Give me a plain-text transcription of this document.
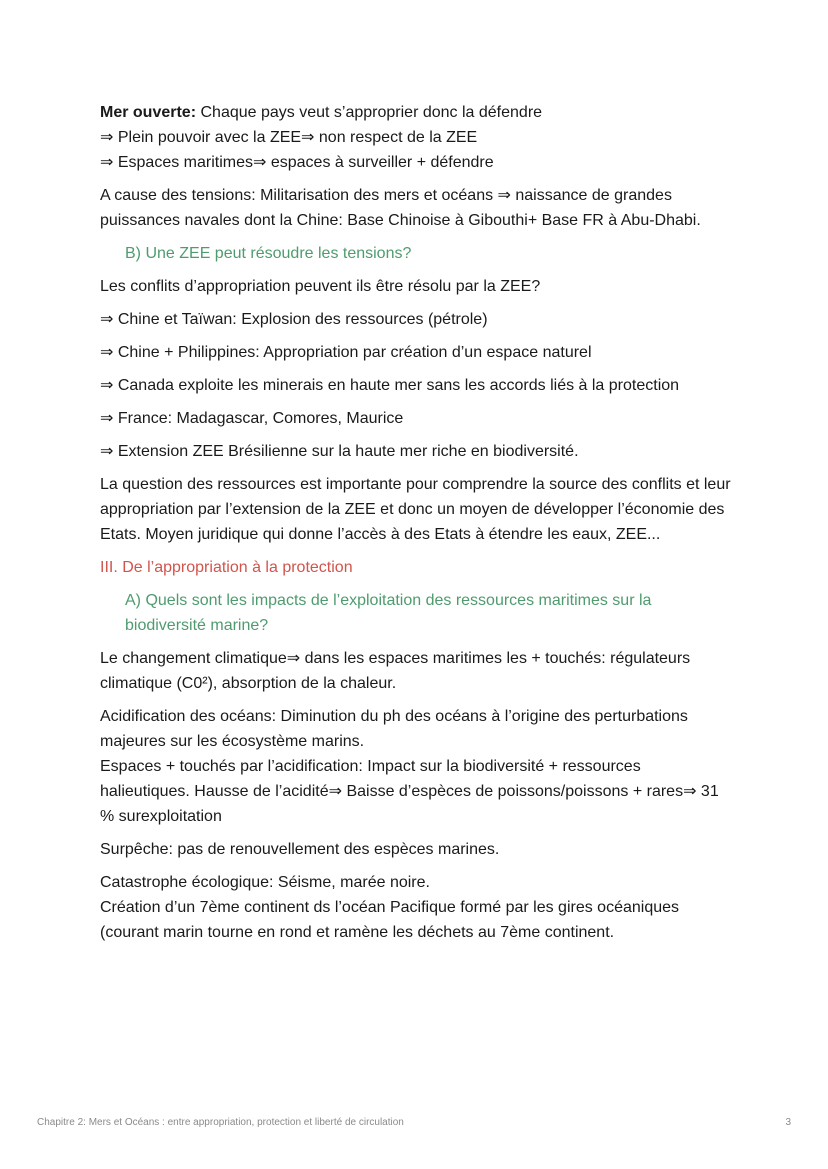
Mer ouverte: Chaque pays veut s’approprier donc la défendre
⇒ Plein pouvoir avec la ZEE⇒ non respect de la ZEE
⇒ Espaces maritimes⇒ espaces à surveiller + défendre

A cause des tensions: Militarisation des mers et océans ⇒ naissance de grandes puissances navales dont la Chine: Base Chinoise à Gibouthi+ Base FR à Abu-Dhabi.

B) Une ZEE peut résoudre les tensions?

Les conflits d’appropriation peuvent ils être résolu par la ZEE?

⇒ Chine et Taïwan: Explosion des ressources (pétrole)

⇒ Chine + Philippines: Appropriation par création d’un espace naturel

⇒ Canada exploite les minerais en haute mer sans les accords liés à la protection

⇒ France: Madagascar, Comores, Maurice

⇒ Extension ZEE Brésilienne sur la haute mer riche en biodiversité.

La question des ressources est importante pour comprendre la source des conflits et leur appropriation par l’extension de la ZEE et donc un moyen de développer l’économie des Etats. Moyen juridique qui donne l’accès à des Etats à étendre les eaux, ZEE...

III. De l’appropriation à la protection

A) Quels sont les impacts de l’exploitation des ressources maritimes sur la biodiversité marine?

Le changement climatique⇒ dans les espaces maritimes les + touchés: régulateurs climatique (C0²), absorption de la chaleur.

Acidification des océans: Diminution du ph des océans à l’origine des perturbations majeures sur les écosystème marins.
Espaces + touchés par l’acidification: Impact sur la biodiversité + ressources halieutiques. Hausse de l’acidité⇒ Baisse d’espèces de poissons/poissons + rares⇒ 31 % surexploitation

Surpêche: pas de renouvellement des espèces marines.

Catastrophe écologique: Séisme, marée noire.
Création d’un 7ème continent ds l’océan Pacifique formé par les gires océaniques (courant marin tourne en rond et ramène les déchets au 7ème continent.

Chapitre 2: Mers et Océans : entre appropriation, protection et liberté de circulation	3
